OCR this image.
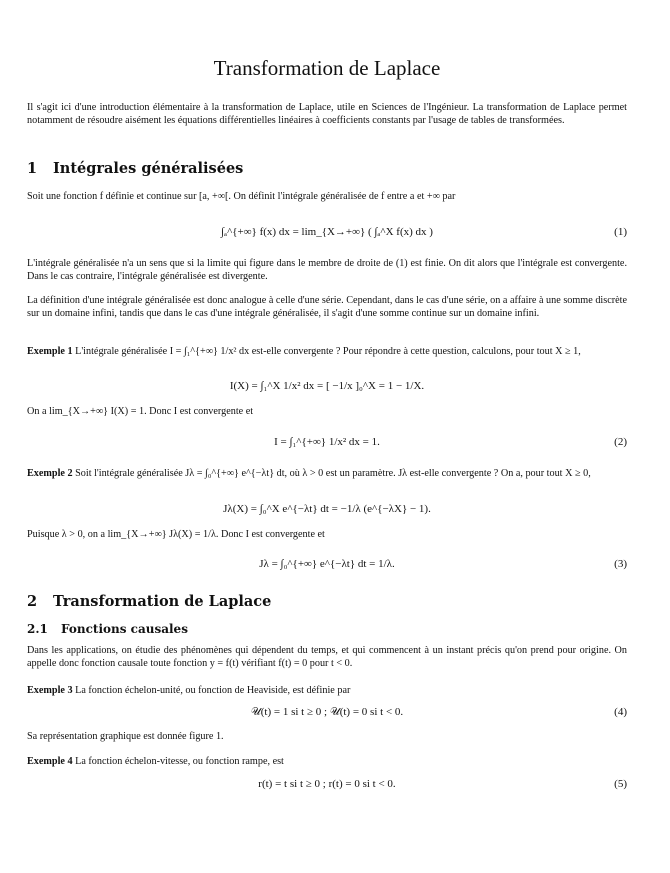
Transformation de Laplace
Il s'agit ici d'une introduction élémentaire à la transformation de Laplace, utile en Sciences de l'Ingénieur. La transformation de Laplace permet notamment de résoudre aisément les équations différentielles linéaires à coefficients constants par l'usage de tables de transformées.
1 Intégrales généralisées
Soit une fonction f définie et continue sur [a, +∞[. On définit l'intégrale généralisée de f entre a et +∞ par
∫ₐ^{+∞} f(x) dx = lim_{X→+∞} ( ∫ₐ^X f(x) dx )	(1)
L'intégrale généralisée n'a un sens que si la limite qui figure dans le membre de droite de (1) est finie. On dit alors que l'intégrale est convergente. Dans le cas contraire, l'intégrale généralisée est divergente.
La définition d'une intégrale généralisée est donc analogue à celle d'une série. Cependant, dans le cas d'une série, on a affaire à une somme discrète sur un domaine infini, tandis que dans le cas d'une intégrale généralisée, il s'agit d'une somme continue sur un domaine infini.
Exemple 1 L'intégrale généralisée I = ∫₁^{+∞} 1/x² dx est-elle convergente ? Pour répondre à cette question, calculons, pour tout X ≥ 1,
I(X) = ∫₁^X 1/x² dx = [ −1/x ]₀^X = 1 − 1/X.
On a lim_{X→+∞} I(X) = 1. Donc I est convergente et
I = ∫₁^{+∞} 1/x² dx = 1.	(2)
Exemple 2 Soit l'intégrale généralisée Jλ = ∫₀^{+∞} e^{−λt} dt, où λ > 0 est un paramètre. Jλ est-elle convergente ? On a, pour tout X ≥ 0,
Jλ(X) = ∫₀^X e^{−λt} dt = −1/λ (e^{−λX} − 1).
Puisque λ > 0, on a lim_{X→+∞} Jλ(X) = 1/λ. Donc I est convergente et
Jλ = ∫₀^{+∞} e^{−λt} dt = 1/λ.	(3)
2 Transformation de Laplace
2.1 Fonctions causales
Dans les applications, on étudie des phénomènes qui dépendent du temps, et qui commencent à un instant précis qu'on prend pour origine. On appelle donc fonction causale toute fonction y = f(t) vérifiant f(t) = 0 pour t < 0.
Exemple 3 La fonction échelon-unité, ou fonction de Heaviside, est définie par
𝒰(t) = 1 si t ≥ 0 ; 𝒰(t) = 0 si t < 0.	(4)
Sa représentation graphique est donnée figure 1.
Exemple 4 La fonction échelon-vitesse, ou fonction rampe, est
r(t) = t si t ≥ 0 ; r(t) = 0 si t < 0.	(5)
